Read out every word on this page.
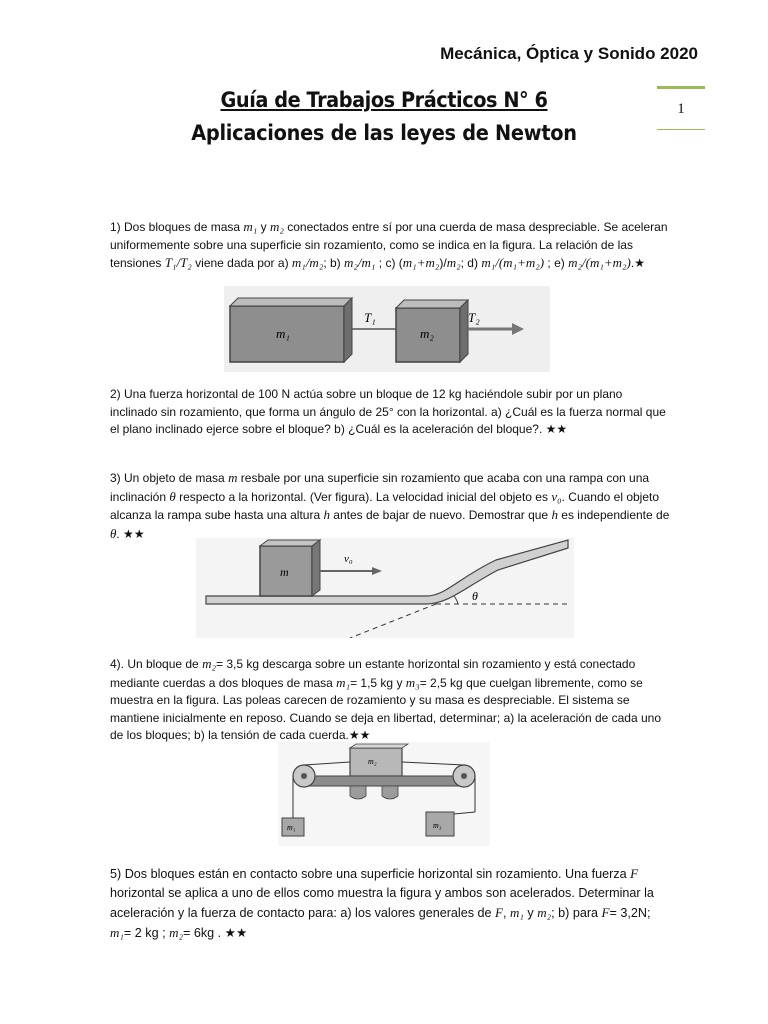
Mecánica, Óptica y Sonido 2020
1
Guía de Trabajos Prácticos N° 6
Aplicaciones de las leyes de Newton
1) Dos bloques de masa m₁ y m₂ conectados entre sí por una cuerda de masa despreciable. Se aceleran uniformemente sobre una superficie sin rozamiento, como se indica en la figura. La relación de las tensiones T₁/T₂ viene dada por a) m₁/m₂; b) m₂/m₁ ; c) (m₁+m₂)/m₂; d) m₁/(m₁+m₂) ; e) m₂/(m₁+m₂).★
m₁
T₁
m₂
T₂
2) Una fuerza horizontal de 100 N actúa sobre un bloque de 12 kg haciéndole subir por un plano inclinado sin rozamiento, que forma un ángulo de 25° con la horizontal. a) ¿Cuál es la fuerza normal que el plano inclinado ejerce sobre el bloque? b) ¿Cuál es la aceleración del bloque?. ★★
3) Un objeto de masa m resbale por una superficie sin rozamiento que acaba con una rampa con una inclinación θ respecto a la horizontal. (Ver figura). La velocidad inicial del objeto es v₀. Cuando el objeto alcanza la rampa sube hasta una altura h antes de bajar de nuevo. Demostrar que h es independiente de θ. ★★
m
v₀
θ
4). Un bloque de m₂= 3,5 kg descarga sobre un estante horizontal sin rozamiento y está conectado mediante cuerdas a dos bloques de masa m₁= 1,5 kg y m₃= 2,5 kg que cuelgan libremente, como se muestra en la figura. Las poleas carecen de rozamiento y su masa es despreciable. El sistema se mantiene inicialmente en reposo. Cuando se deja en libertad, determinar; a) la aceleración de cada uno de los bloques; b) la tensión de cada cuerda.★★
m₂
m₁	m₃
5) Dos bloques están en contacto sobre una superficie horizontal sin rozamiento. Una fuerza F horizontal se aplica a uno de ellos como muestra la figura y ambos son acelerados. Determinar la aceleración y la fuerza de contacto para: a) los valores generales de F, m₁ y m₂; b) para F= 3,2N; m₁= 2 kg ; m₂= 6kg . ★★
